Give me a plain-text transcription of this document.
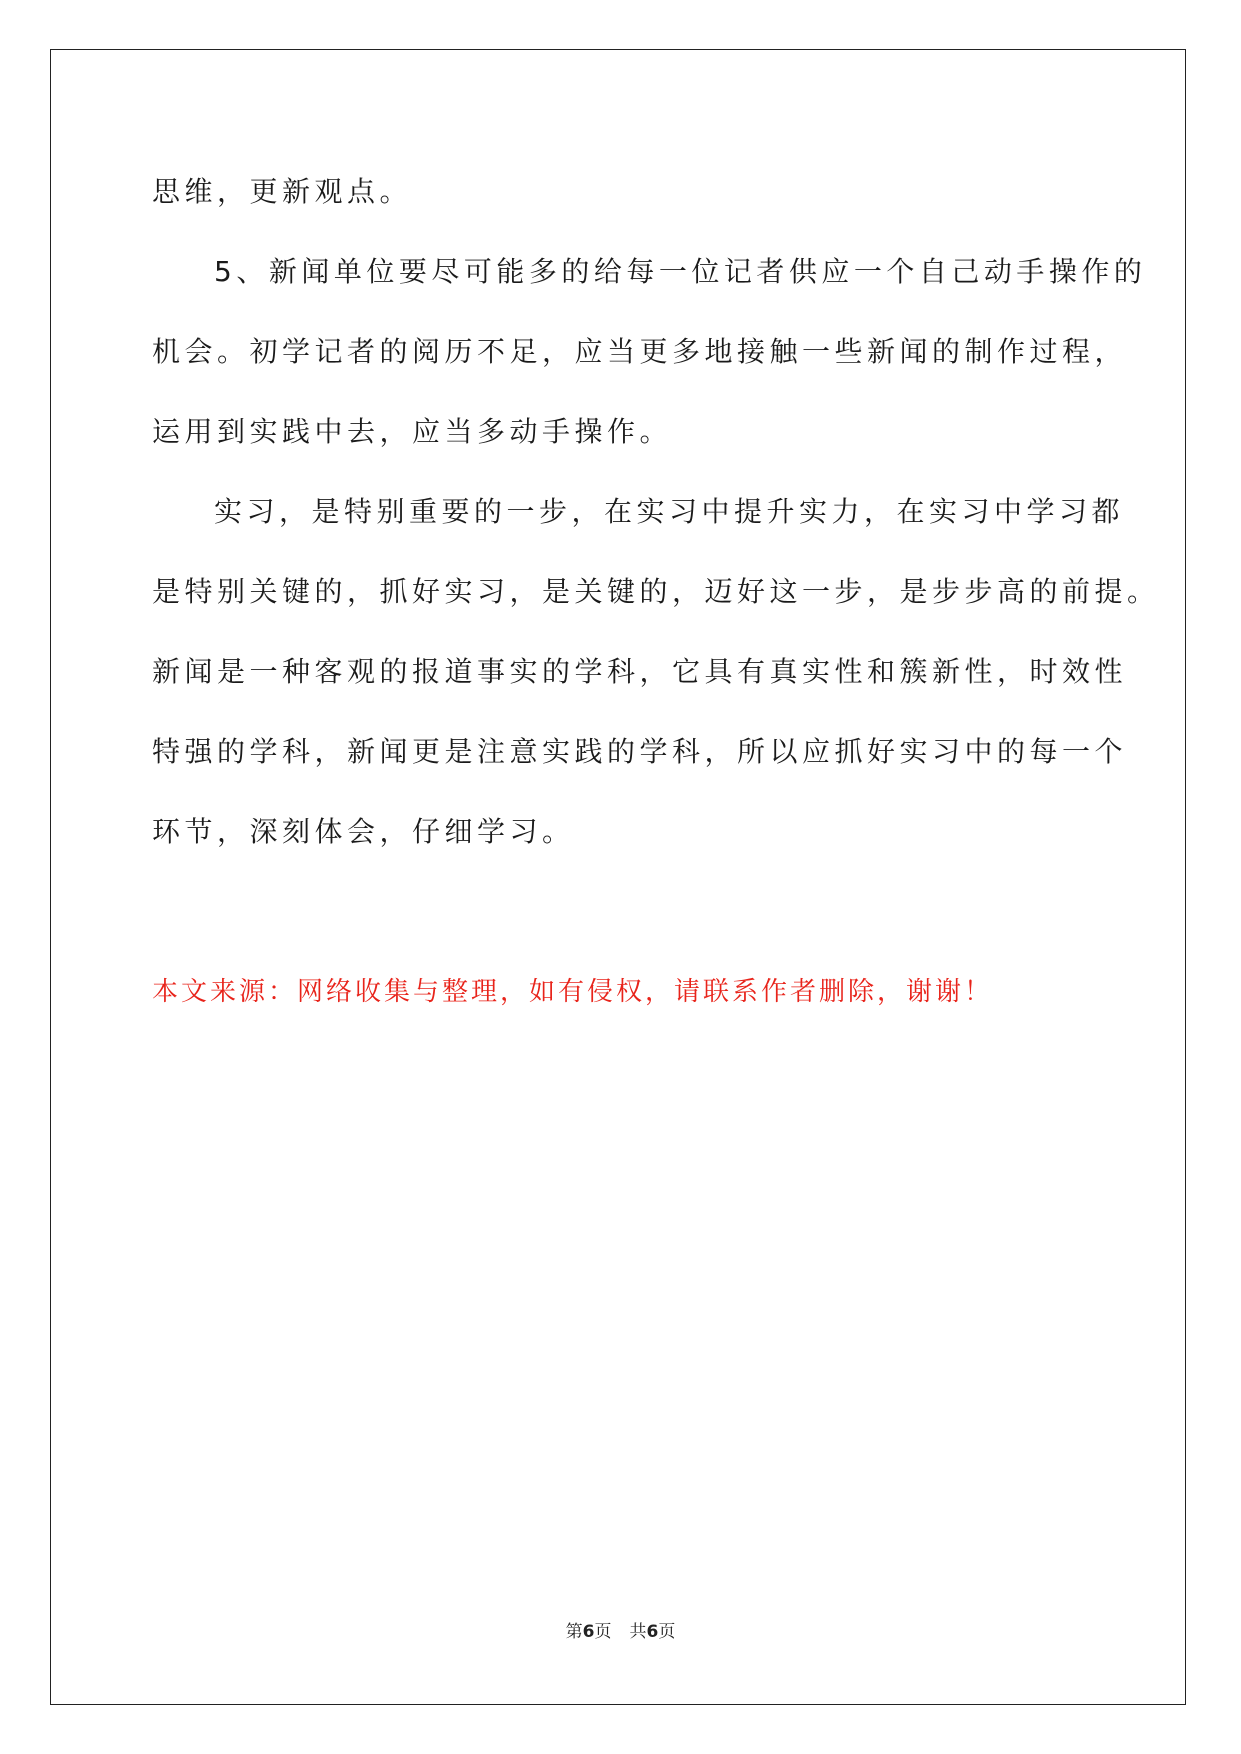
思维，更新观点。

5、新闻单位要尽可能多的给每一位记者供应一个自己动手操作的

机会。初学记者的阅历不足，应当更多地接触一些新闻的制作过程，

运用到实践中去，应当多动手操作。

实习，是特别重要的一步，在实习中提升实力，在实习中学习都

是特别关键的，抓好实习，是关键的，迈好这一步，是步步高的前提。

新闻是一种客观的报道事实的学科，它具有真实性和簇新性，时效性

特强的学科，新闻更是注意实践的学科，所以应抓好实习中的每一个

环节，深刻体会，仔细学习。

本文来源：网络收集与整理，如有侵权，请联系作者删除，谢谢！

第6页 共6页
